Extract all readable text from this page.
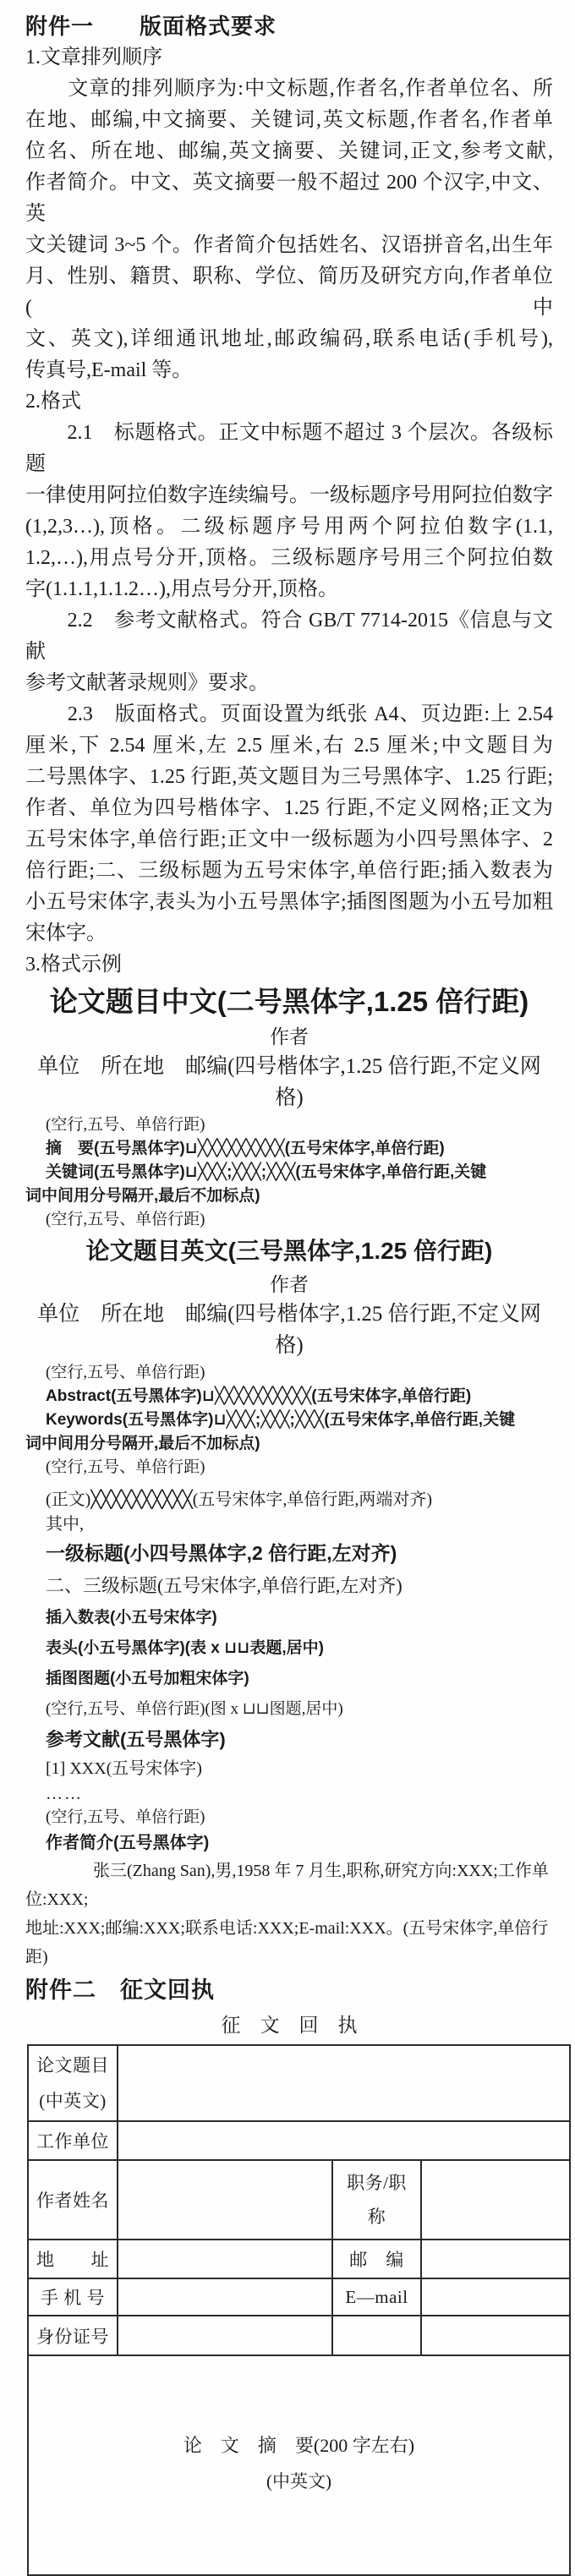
附件一　　版面格式要求
1.文章排列顺序
　　文章的排列顺序为:中文标题,作者名,作者单位名、所
在地、邮编,中文摘要、关键词,英文标题,作者名,作者单
位名、所在地、邮编,英文摘要、关键词,正文,参考文献,
作者简介。中文、英文摘要一般不超过 200 个汉字,中文、英
文关键词 3~5 个。作者简介包括姓名、汉语拼音名,出生年
月、性别、籍贯、职称、学位、简历及研究方向,作者单位(中
文、英文),详细通讯地址,邮政编码,联系电话(手机号),
传真号,E-mail 等。
2.格式
　　2.1　标题格式。正文中标题不超过 3 个层次。各级标题
一律使用阿拉伯数字连续编号。一级标题序号用阿拉伯数字
(1,2,3…),顶格。二级标题序号用两个阿拉伯数字(1.1,
1.2,…),用点号分开,顶格。三级标题序号用三个阿拉伯数
字(1.1.1,1.1.2…),用点号分开,顶格。
　　2.2　参考文献格式。符合 GB/T 7714-2015《信息与文献
参考文献著录规则》要求。
　　2.3　版面格式。页面设置为纸张 A4、页边距:上 2.54
厘米,下 2.54 厘米,左 2.5 厘米,右 2.5 厘米;中文题目为
二号黑体字、1.25 行距,英文题目为三号黑体字、1.25 行距;
作者、单位为四号楷体字、1.25 行距,不定义网格;正文为
五号宋体字,单倍行距;正文中一级标题为小四号黑体字、2
倍行距;二、三级标题为五号宋体字,单倍行距;插入数表为
小五号宋体字,表头为小五号黑体字;插图图题为小五号加粗
宋体字。
3.格式示例
论文题目中文(二号黑体字,1.25 倍行距)
作者
单位　所在地　邮编(四号楷体字,1.25 倍行距,不定义网格)
(空行,五号、单倍行距)
摘　要(五号黑体字)⊔╳╳╳╳╳╳╳╳╳(五号宋体字,单倍行距)
关键词(五号黑体字)⊔╳╳╳;╳╳╳;╳╳╳(五号宋体字,单倍行距,关键
词中间用分号隔开,最后不加标点)
(空行,五号、单倍行距)
论文题目英文(三号黑体字,1.25 倍行距)
作者
单位　所在地　邮编(四号楷体字,1.25 倍行距,不定义网格)
(空行,五号、单倍行距)
Abstract(五号黑体字)⊔╳╳╳╳╳╳╳╳╳╳(五号宋体字,单倍行距)
Keywords(五号黑体字)⊔╳╳╳;╳╳╳;╳╳╳(五号宋体字,单倍行距,关键
词中间用分号隔开,最后不加标点)
(空行,五号、单倍行距)
(正文)╳╳╳╳╳╳╳╳╳╳(五号宋体字,单倍行距,两端对齐)
其中,
一级标题(小四号黑体字,2 倍行距,左对齐)
二、三级标题(五号宋体字,单倍行距,左对齐)
插入数表(小五号宋体字)
表头(小五号黑体字)(表 x ⊔⊔表题,居中)
插图图题(小五号加粗宋体字)
(空行,五号、单倍行距)(图 x ⊔⊔图题,居中)
参考文献(五号黑体字)
[1] XXX(五号宋体字)
……
(空行,五号、单倍行距)
作者简介(五号黑体字)
　　　　张三(Zhang San),男,1958 年 7 月生,职称,研究方向:XXX;工作单位:XXX;
地址:XXX;邮编:XXX;联系电话:XXX;E-mail:XXX。(五号宋体字,单倍行距)
附件二　征文回执
征　文　回　执
论文题目
(中英文)			
工作单位			
作者姓名		职务/职称	
地　　址		邮　编	
手 机 号		E—mail	
身份证号			

论　文　摘　要(200 字左右)
(中英文)			
